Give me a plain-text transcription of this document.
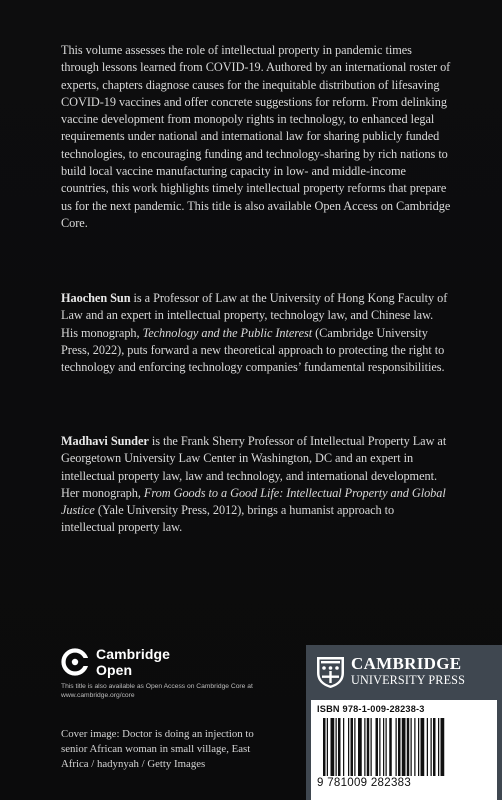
This volume assesses the role of intellectual property in pandemic times through lessons learned from COVID-19. Authored by an international roster of experts, chapters diagnose causes for the inequitable distribution of lifesaving COVID-19 vaccines and offer concrete suggestions for reform. From delinking vaccine development from monopoly rights in technology, to enhanced legal requirements under national and international law for sharing publicly funded technologies, to encouraging funding and technology-sharing by rich nations to build local vaccine manufacturing capacity in low- and middle-income countries, this work highlights timely intellectual property reforms that prepare us for the next pandemic. This title is also available Open Access on Cambridge Core.

Haochen Sun is a Professor of Law at the University of Hong Kong Faculty of Law and an expert in intellectual property, technology law, and Chinese law. His monograph, Technology and the Public Interest (Cambridge University Press, 2022), puts forward a new theoretical approach to protecting the right to technology and enforcing technology companies’ fundamental responsibilities.

Madhavi Sunder is the Frank Sherry Professor of Intellectual Property Law at Georgetown University Law Center in Washington, DC and an expert in intellectual property law, law and technology, and international development. Her monograph, From Goods to a Good Life: Intellectual Property and Global Justice (Yale University Press, 2012), brings a humanist approach to intellectual property law.

Cambridge
Open
This title is also available as Open Access on Cambridge Core at www.cambridge.org/core
Cover image: Doctor is doing an injection to senior African woman in small village, East Africa / hadynyah / Getty Images
CAMBRIDGE
UNIVERSITY PRESS
ISBN 978-1-009-28238-3
9 781009 282383
